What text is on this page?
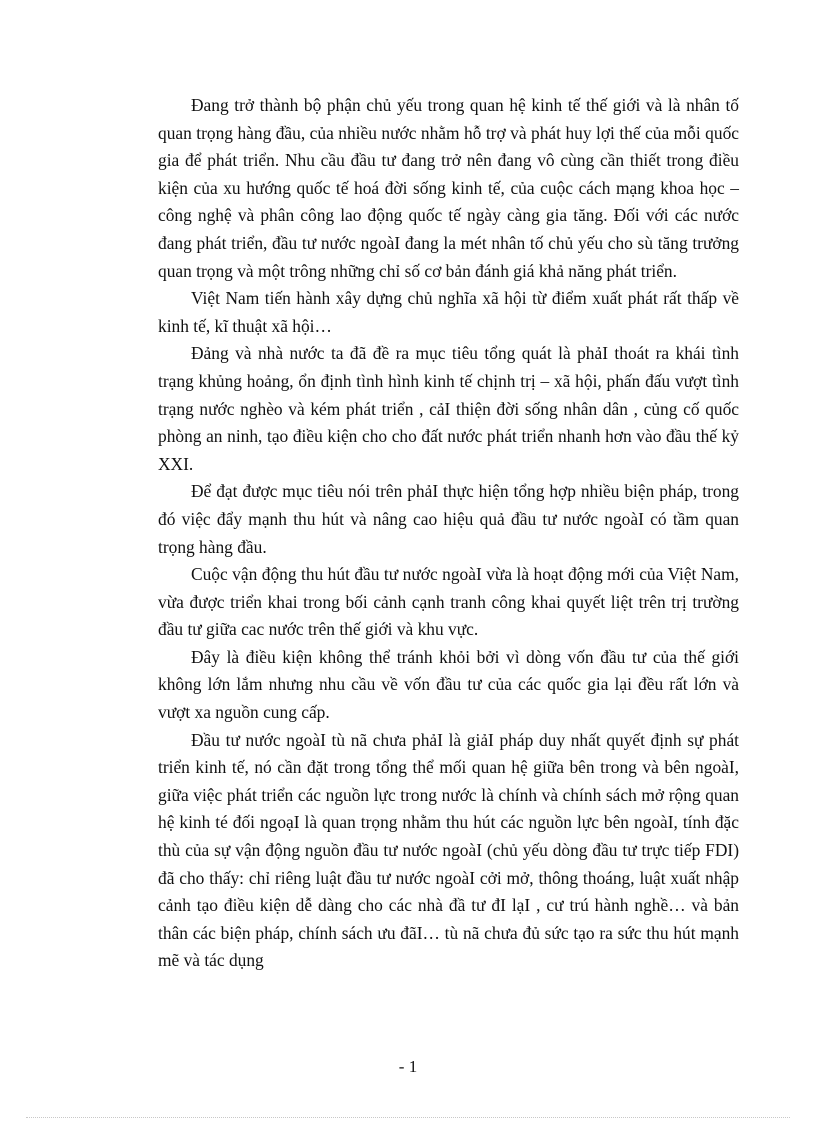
Đang trở thành bộ phận chủ yếu trong quan hệ kinh tế thế giới và là nhân tố quan trọng hàng đầu, của nhiều nước nhằm hỗ trợ và phát huy lợi thế của mỗi quốc gia để phát triển. Nhu cầu đầu tư đang trở nên đang vô cùng cần thiết trong điều kiện của xu hướng quốc tế hoá đời sống kinh tế, của cuộc cách mạng khoa học – công nghệ và phân công lao động quốc tế ngày càng gia tăng. Đối với các nước đang phát triển, đầu tư nước ngoàI đang la mét nhân tố chủ yếu cho sù tăng trưởng quan trọng và một trông những chỉ số cơ bản đánh giá khả năng phát triển.

Việt Nam tiến hành xây dựng chủ nghĩa xã hội từ điểm xuất phát rất thấp về kinh tế, kĩ thuật xã hội…

Đảng và nhà nước ta đã đề ra mục tiêu tổng quát là phảI thoát ra khái tình trạng khủng hoảng, ổn định tình hình kinh tế chịnh trị – xã hội, phấn đấu vượt tình trạng nước nghèo và kém phát triển , cảI thiện đời sống nhân dân , củng cố quốc phòng an ninh, tạo điều kiện cho cho đất nước phát triển nhanh hơn vào đầu thế kỷ XXI.

Để đạt được mục tiêu nói trên phảI thực hiện tổng hợp nhiều biện pháp, trong đó việc đẩy mạnh thu hút và nâng cao hiệu quả đầu tư nước ngoàI có tầm quan trọng hàng đầu.

Cuộc vận động thu hút đầu tư nước ngoàI vừa là hoạt động mới của Việt Nam, vừa được triển khai trong bối cảnh cạnh tranh công khai quyết liệt trên trị trường đầu tư giữa cac nước trên thế giới và khu vực.

Đây là điều kiện không thể tránh khỏi bởi vì dòng vốn đầu tư của thế giới không lớn lắm nhưng nhu cầu về vốn đầu tư của các quốc gia lại đều rất lớn và vượt xa nguồn cung cấp.

Đầu tư nước ngoàI tù nã chưa phảI là giảI pháp duy nhất quyết định sự phát triển kinh tế, nó cần đặt trong tổng thể mối quan hệ giữa bên trong và bên ngoàI, giữa việc phát triển các nguồn lực trong nước là chính và chính sách mở rộng quan hệ kinh té đối ngoạI là quan trọng nhằm thu hút các nguồn lực bên ngoàI, tính đặc thù của sự vận động nguồn đầu tư nước ngoàI (chủ yếu dòng đầu tư trực tiếp FDI) đã cho thấy: chỉ riêng luật đầu tư nước ngoàI cởi mở, thông thoáng, luật xuất nhập cảnh tạo điều kiện dễ dàng cho các nhà đầ tư đI lạI , cư trú hành nghề… và bản thân các biện pháp, chính sách ưu đãI… tù nã chưa đủ sức tạo ra sức thu hút mạnh mẽ và tác dụng

- 1
